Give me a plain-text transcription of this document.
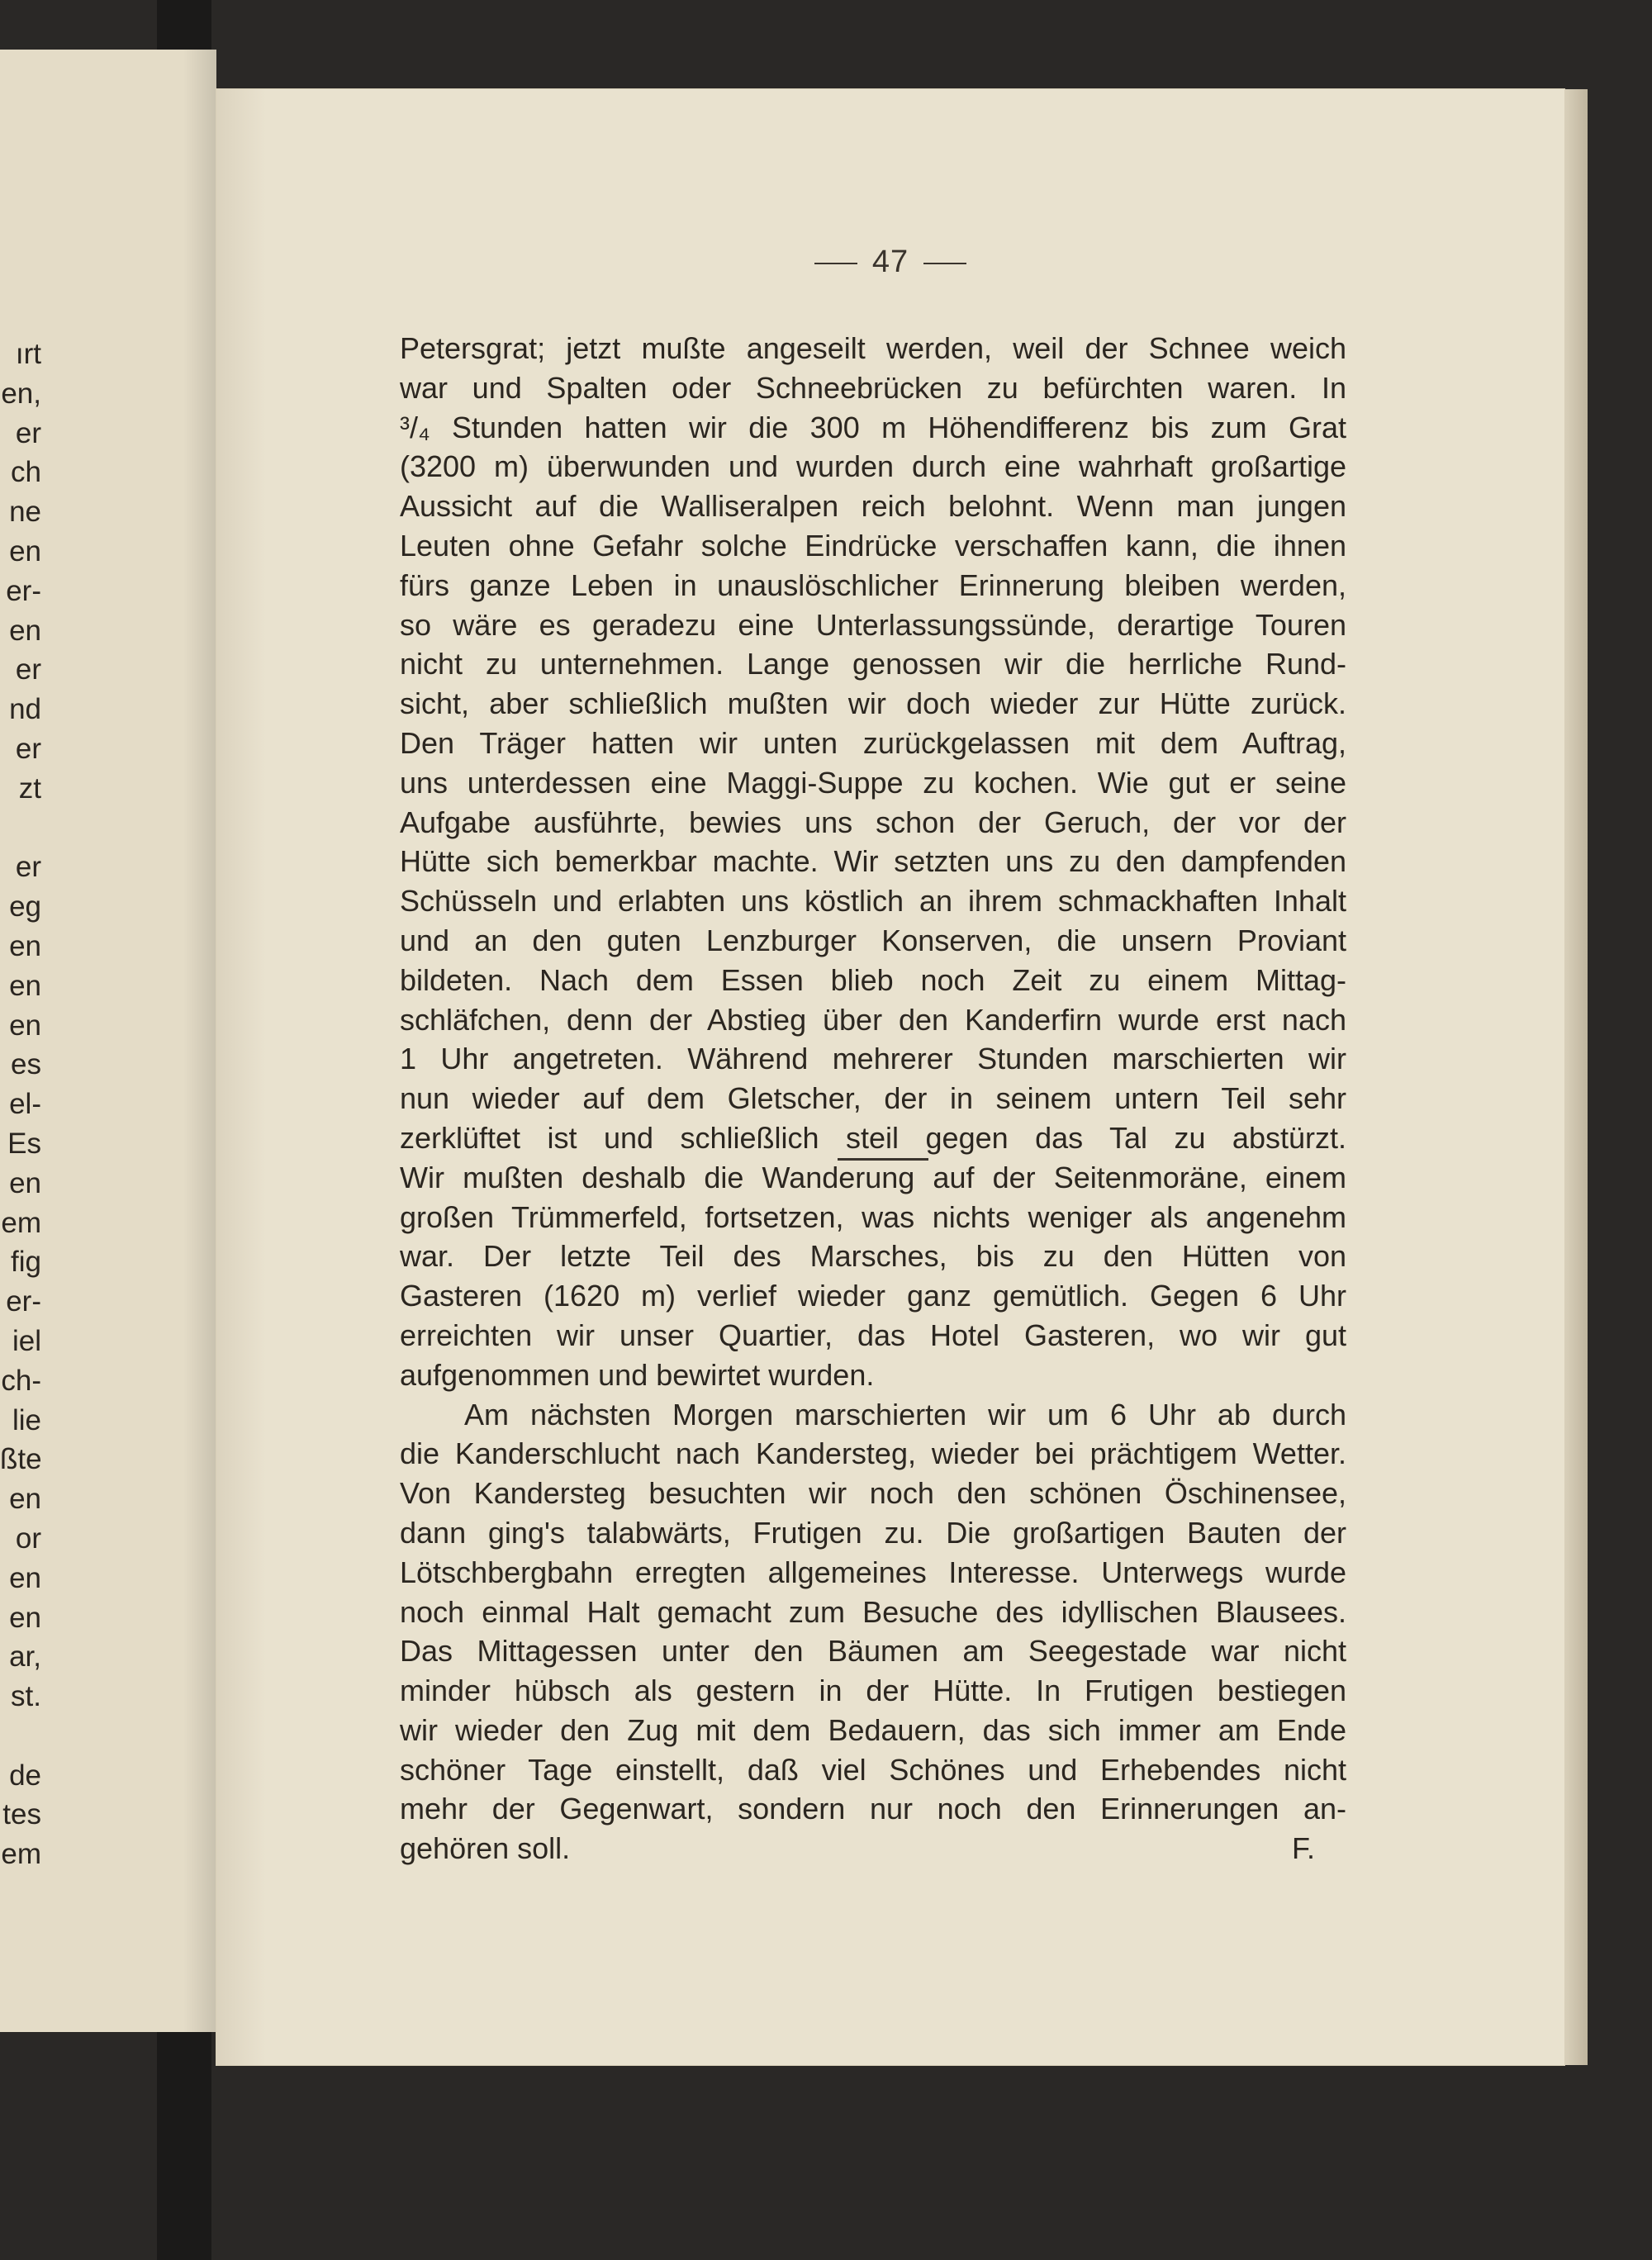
ırt
en,
er
ch
ne
en
er-
en
er
nd
er
zt
er
eg
en
en
en
es
el-
Es
en
em
fig
er-
iel
ch-
lie
ßte
en
or
en
en
ar,
st.
de
tes
em
47
Petersgrat; jetzt mußte angeseilt werden, weil der Schnee weich
war und Spalten oder Schneebrücken zu befürchten waren. In
³/₄ Stunden hatten wir die 300 m Höhendifferenz bis zum Grat
(3200 m) überwunden und wurden durch eine wahrhaft großartige
Aussicht auf die Walliseralpen reich belohnt. Wenn man jungen
Leuten ohne Gefahr solche Eindrücke verschaffen kann, die ihnen
fürs ganze Leben in unauslöschlicher Erinnerung bleiben werden,
so wäre es geradezu eine Unterlassungssünde, derartige Touren
nicht zu unternehmen. Lange genossen wir die herrliche Rund-
sicht, aber schließlich mußten wir doch wieder zur Hütte zurück.
Den Träger hatten wir unten zurückgelassen mit dem Auftrag,
uns unterdessen eine Maggi-Suppe zu kochen. Wie gut er seine
Aufgabe ausführte, bewies uns schon der Geruch, der vor der
Hütte sich bemerkbar machte. Wir setzten uns zu den dampfenden
Schüsseln und erlabten uns köstlich an ihrem schmackhaften Inhalt
und an den guten Lenzburger Konserven, die unsern Proviant
bildeten. Nach dem Essen blieb noch Zeit zu einem Mittag-
schläfchen, denn der Abstieg über den Kanderfirn wurde erst nach
1 Uhr angetreten. Während mehrerer Stunden marschierten wir
nun wieder auf dem Gletscher, der in seinem untern Teil sehr
zerklüftet ist und schließlich steil gegen das Tal zu abstürzt.
Wir mußten deshalb die Wanderung auf der Seitenmoräne, einem
großen Trümmerfeld, fortsetzen, was nichts weniger als angenehm
war. Der letzte Teil des Marsches, bis zu den Hütten von
Gasteren (1620 m) verlief wieder ganz gemütlich. Gegen 6 Uhr
erreichten wir unser Quartier, das Hotel Gasteren, wo wir gut
aufgenommen und bewirtet wurden.
Am nächsten Morgen marschierten wir um 6 Uhr ab durch
die Kanderschlucht nach Kandersteg, wieder bei prächtigem Wetter.
Von Kandersteg besuchten wir noch den schönen Öschinensee,
dann ging's talabwärts, Frutigen zu. Die großartigen Bauten der
Lötschbergbahn erregten allgemeines Interesse. Unterwegs wurde
noch einmal Halt gemacht zum Besuche des idyllischen Blausees.
Das Mittagessen unter den Bäumen am Seegestade war nicht
minder hübsch als gestern in der Hütte. In Frutigen bestiegen
wir wieder den Zug mit dem Bedauern, das sich immer am Ende
schöner Tage einstellt, daß viel Schönes und Erhebendes nicht
mehr der Gegenwart, sondern nur noch den Erinnerungen an-
gehören soll.	F.
